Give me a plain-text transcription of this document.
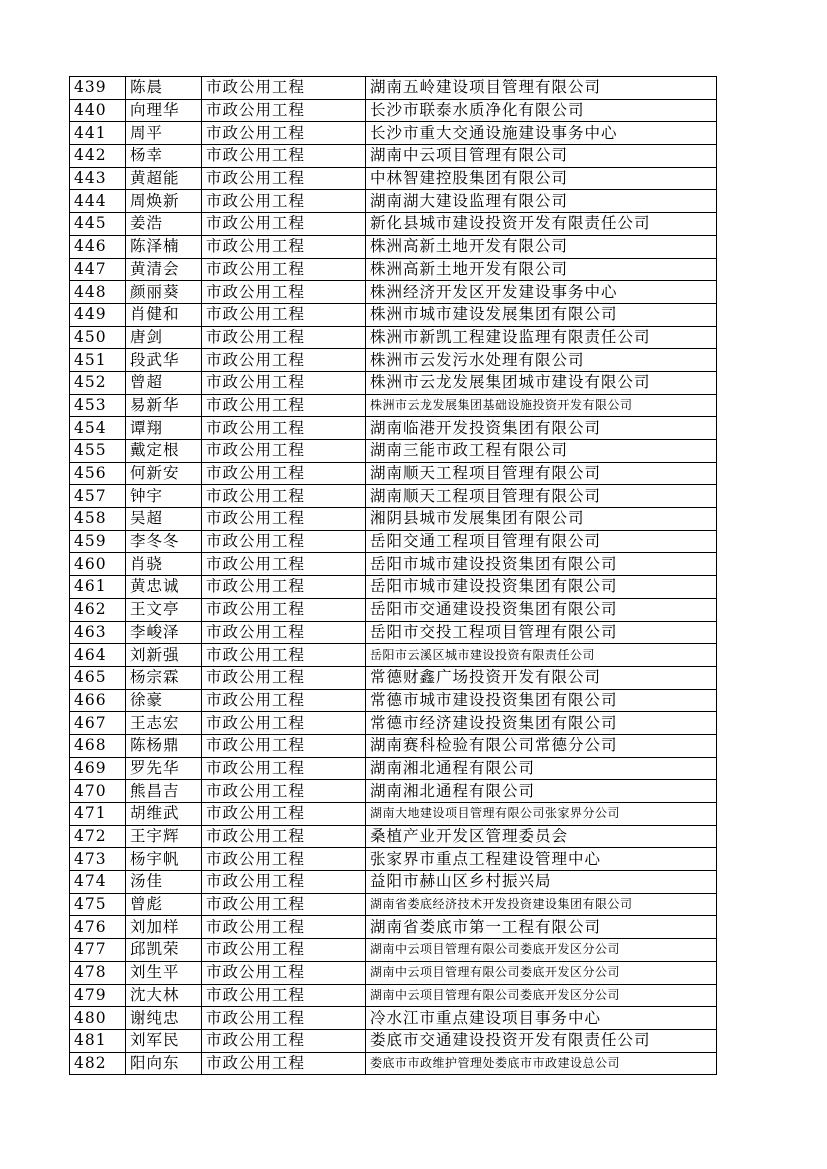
439	陈晨	市政公用工程	湖南五岭建设项目管理有限公司
440	向理华	市政公用工程	长沙市联泰水质净化有限公司
441	周平	市政公用工程	长沙市重大交通设施建设事务中心
442	杨幸	市政公用工程	湖南中云项目管理有限公司
443	黄超能	市政公用工程	中林智建控股集团有限公司
444	周焕新	市政公用工程	湖南湖大建设监理有限公司
445	姜浩	市政公用工程	新化县城市建设投资开发有限责任公司
446	陈泽楠	市政公用工程	株洲高新土地开发有限公司
447	黄清会	市政公用工程	株洲高新土地开发有限公司
448	颜丽葵	市政公用工程	株洲经济开发区开发建设事务中心
449	肖健和	市政公用工程	株洲市城市建设发展集团有限公司
450	唐剑	市政公用工程	株洲市新凯工程建设监理有限责任公司
451	段武华	市政公用工程	株洲市云发污水处理有限公司
452	曾超	市政公用工程	株洲市云龙发展集团城市建设有限公司
453	易新华	市政公用工程	株洲市云龙发展集团基础设施投资开发有限公司
454	谭翔	市政公用工程	湖南临港开发投资集团有限公司
455	戴定根	市政公用工程	湖南三能市政工程有限公司
456	何新安	市政公用工程	湖南顺天工程项目管理有限公司
457	钟宇	市政公用工程	湖南顺天工程项目管理有限公司
458	吴超	市政公用工程	湘阴县城市发展集团有限公司
459	李冬冬	市政公用工程	岳阳交通工程项目管理有限公司
460	肖骁	市政公用工程	岳阳市城市建设投资集团有限公司
461	黄忠诚	市政公用工程	岳阳市城市建设投资集团有限公司
462	王文亭	市政公用工程	岳阳市交通建设投资集团有限公司
463	李峻泽	市政公用工程	岳阳市交投工程项目管理有限公司
464	刘新强	市政公用工程	岳阳市云溪区城市建设投资有限责任公司
465	杨宗霖	市政公用工程	常德财鑫广场投资开发有限公司
466	徐豪	市政公用工程	常德市城市建设投资集团有限公司
467	王志宏	市政公用工程	常德市经济建设投资集团有限公司
468	陈杨鼎	市政公用工程	湖南赛科检验有限公司常德分公司
469	罗先华	市政公用工程	湖南湘北通程有限公司
470	熊昌吉	市政公用工程	湖南湘北通程有限公司
471	胡维武	市政公用工程	湖南大地建设项目管理有限公司张家界分公司
472	王宇辉	市政公用工程	桑植产业开发区管理委员会
473	杨宇帆	市政公用工程	张家界市重点工程建设管理中心
474	汤佳	市政公用工程	益阳市赫山区乡村振兴局
475	曾彪	市政公用工程	湖南省娄底经济技术开发投资建设集团有限公司
476	刘加样	市政公用工程	湖南省娄底市第一工程有限公司
477	邱凯荣	市政公用工程	湖南中云项目管理有限公司娄底开发区分公司
478	刘生平	市政公用工程	湖南中云项目管理有限公司娄底开发区分公司
479	沈大林	市政公用工程	湖南中云项目管理有限公司娄底开发区分公司
480	谢纯忠	市政公用工程	冷水江市重点建设项目事务中心
481	刘军民	市政公用工程	娄底市交通建设投资开发有限责任公司
482	阳向东	市政公用工程	娄底市市政维护管理处娄底市市政建设总公司
